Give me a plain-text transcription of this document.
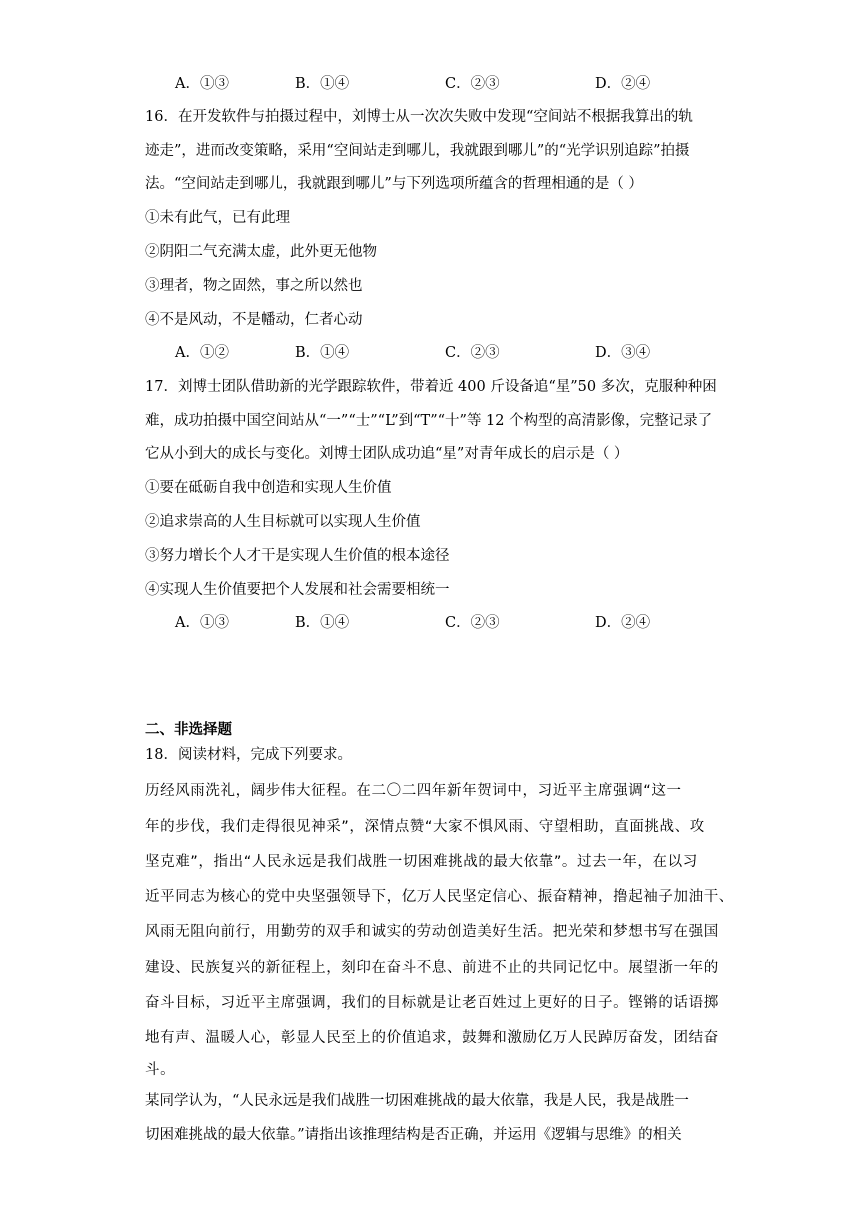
A．①③	B．①④	C．②③	D．②④
16．在开发软件与拍摄过程中，刘博士从一次次失败中发现“空间站不根据我算出的轨
迹走”，进而改变策略，采用“空间站走到哪儿，我就跟到哪儿”的“光学识别追踪”拍摄
法。“空间站走到哪儿，我就跟到哪儿”与下列选项所蕴含的哲理相通的是（ ）
①未有此气，已有此理
②阴阳二气充满太虚，此外更无他物
③理者，物之固然，事之所以然也
④不是风动，不是幡动，仁者心动
A．①②	B．①④	C．②③	D．③④
17．刘博士团队借助新的光学跟踪软件，带着近 400 斤设备追“星”50 多次，克服种种困
难，成功拍摄中国空间站从“一”“士”“L”到“T”“十”等 12 个构型的高清影像，完整记录了
它从小到大的成长与变化。刘博士团队成功追“星”对青年成长的启示是（ ）
①要在砥砺自我中创造和实现人生价值
②追求崇高的人生目标就可以实现人生价值
③努力增长个人才干是实现人生价值的根本途径
④实现人生价值要把个人发展和社会需要相统一
A．①③	B．①④	C．②③	D．②④
二、非选择题
18．阅读材料，完成下列要求。
历经风雨洗礼，阔步伟大征程。在二〇二四年新年贺词中，习近平主席强调“这一
年的步伐，我们走得很见神采”，深情点赞“大家不惧风雨、守望相助，直面挑战、攻
坚克难”，指出“人民永远是我们战胜一切困难挑战的最大依靠”。过去一年，在以习
近平同志为核心的党中央坚强领导下，亿万人民坚定信心、振奋精神，撸起袖子加油干、
风雨无阻向前行，用勤劳的双手和诚实的劳动创造美好生活。把光荣和梦想书写在强国
建设、民族复兴的新征程上，刻印在奋斗不息、前进不止的共同记忆中。展望浙一年的
奋斗目标，习近平主席强调，我们的目标就是让老百姓过上更好的日子。铿锵的话语掷
地有声、温暖人心，彰显人民至上的价值追求，鼓舞和激励亿万人民踔厉奋发，团结奋
斗。
某同学认为，“人民永远是我们战胜一切困难挑战的最大依靠，我是人民，我是战胜一
切困难挑战的最大依靠。”请指出该推理结构是否正确，并运用《逻辑与思维》的相关
